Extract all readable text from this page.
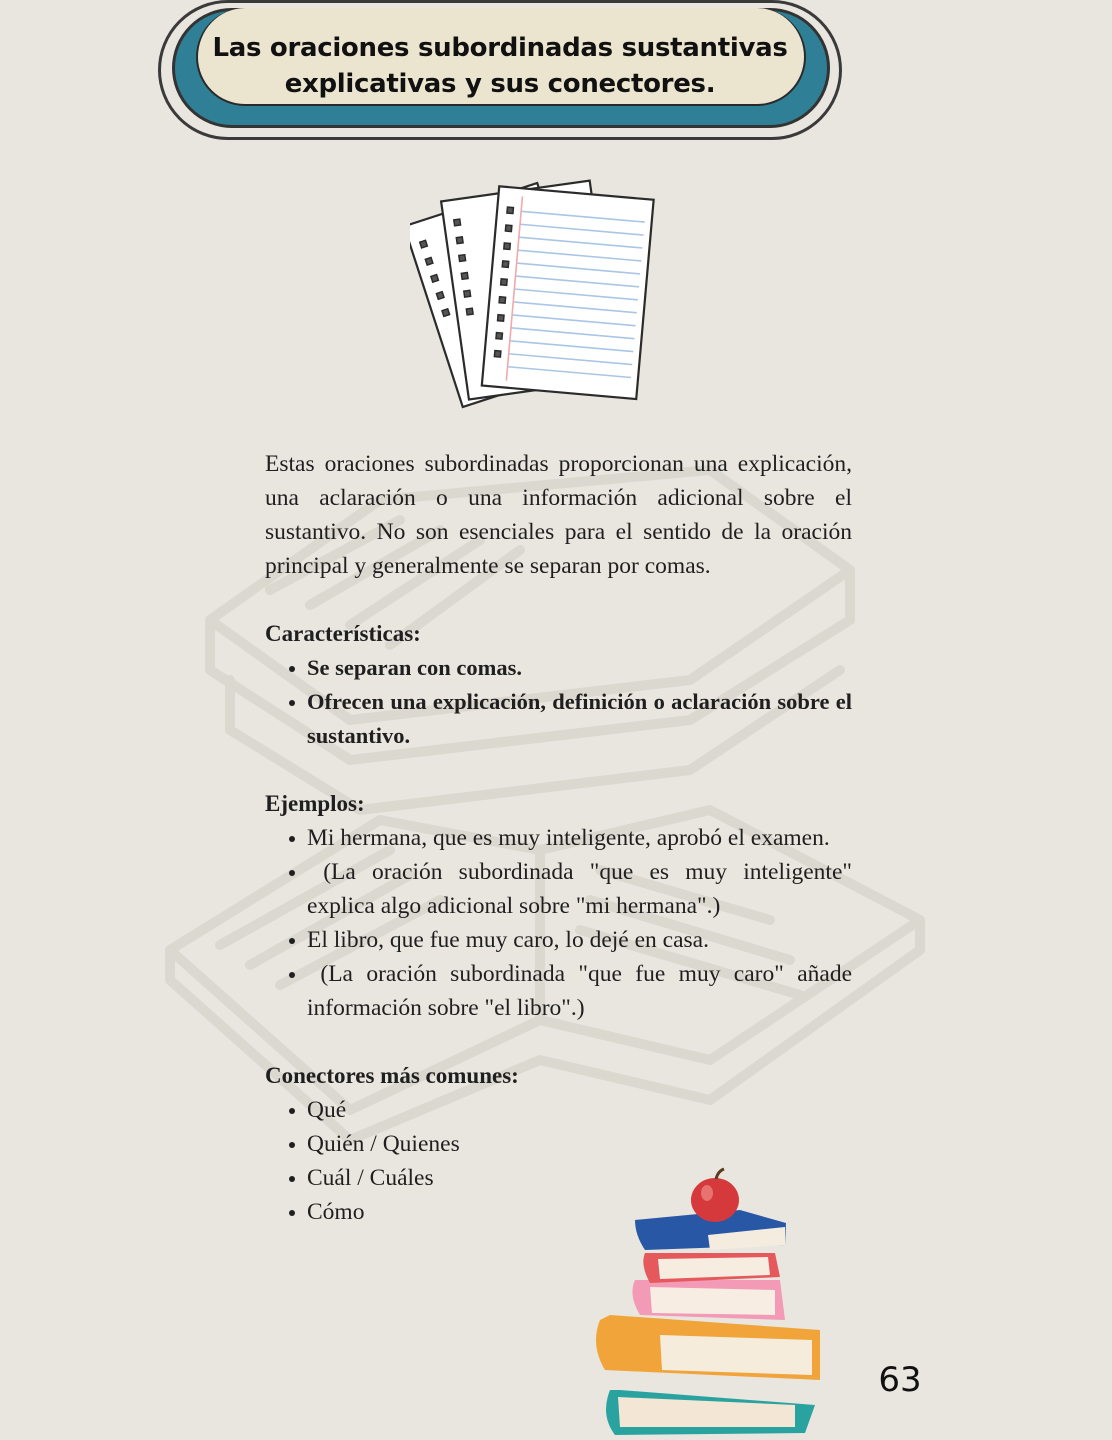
Las oraciones subordinadas sustantivas
explicativas y sus conectores.

Estas oraciones subordinadas proporcionan una explicación, una aclaración o una información adicional sobre el sustantivo. No son esenciales para el sentido de la oración principal y generalmente se separan por comas.

Características:

Se separan con comas.
Ofrecen una explicación, definición o aclaración sobre el sustantivo.

Ejemplos:

Mi hermana, que es muy inteligente, aprobó el examen.
(La oración subordinada "que es muy inteligente" explica algo adicional sobre "mi hermana".)
El libro, que fue muy caro, lo dejé en casa.
(La oración subordinada "que fue muy caro" añade información sobre "el libro".)

Conectores más comunes:

Qué
Quién / Quienes
Cuál / Cuáles
Cómo
63
